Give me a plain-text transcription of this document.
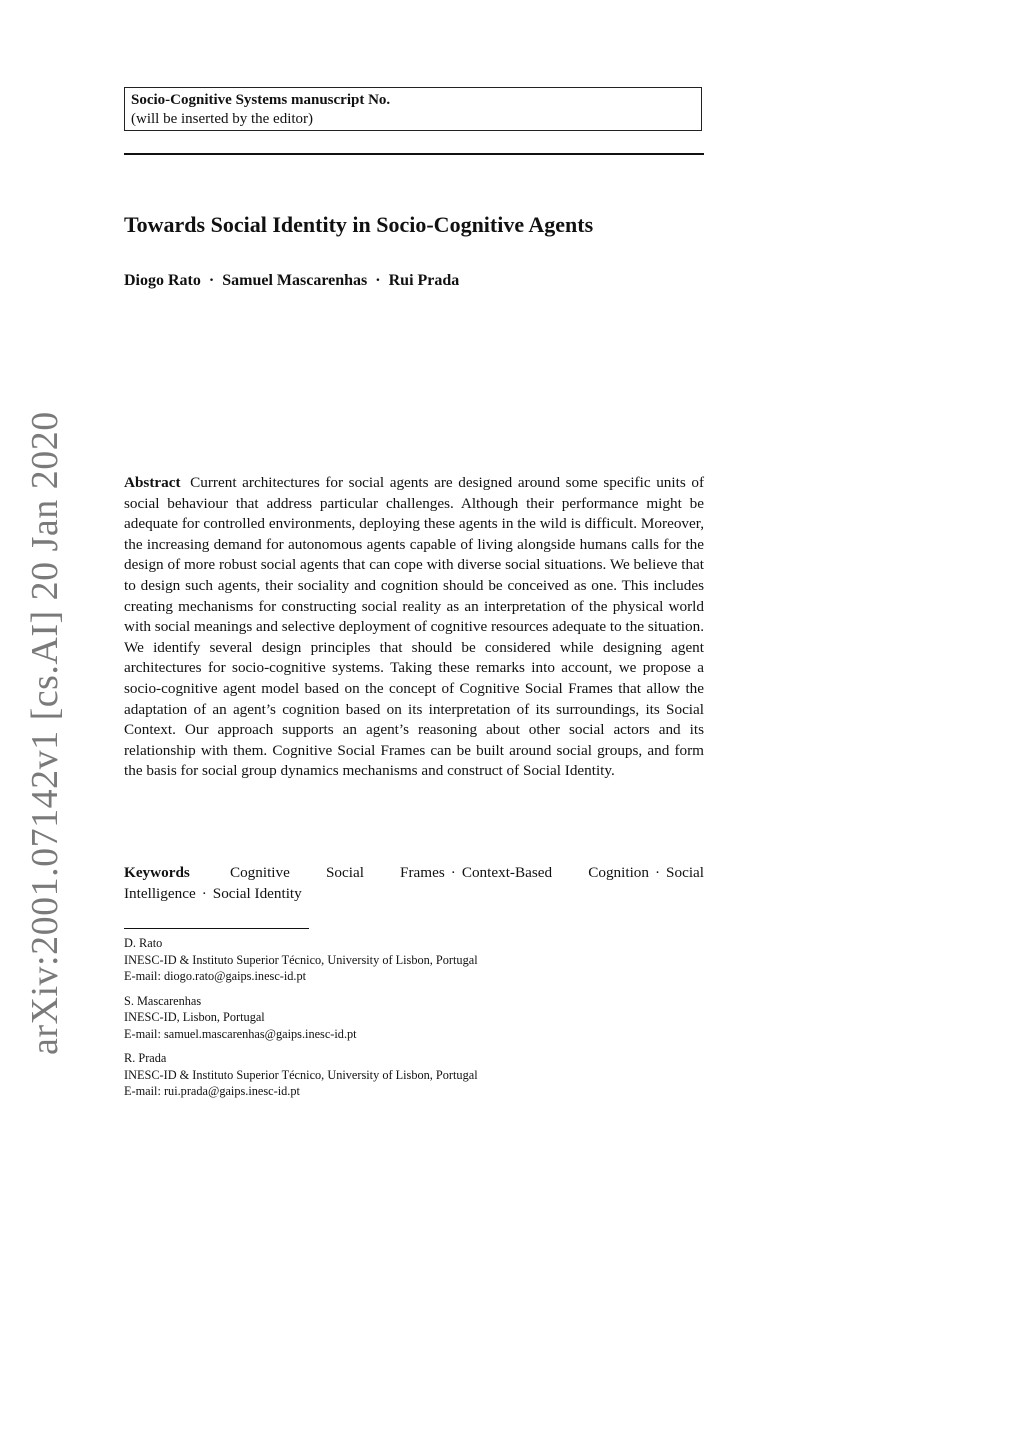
arXiv:2001.07142v1 [cs.AI] 20 Jan 2020
Socio-Cognitive Systems manuscript No.
(will be inserted by the editor)
Towards Social Identity in Socio-Cognitive Agents
Diogo Rato · Samuel Mascarenhas · Rui Prada
Abstract Current architectures for social agents are designed around some specific units of social behaviour that address particular challenges. Although their performance might be adequate for controlled environments, deploying these agents in the wild is difficult. Moreover, the increasing demand for autonomous agents capable of living alongside humans calls for the design of more robust social agents that can cope with diverse social situations. We believe that to design such agents, their sociality and cognition should be conceived as one. This includes creating mechanisms for constructing social reality as an interpretation of the physical world with social meanings and selective deployment of cognitive resources adequate to the situation. We identify several design principles that should be considered while designing agent architectures for socio-cognitive systems. Taking these remarks into account, we propose a socio-cognitive agent model based on the concept of Cognitive Social Frames that allow the adaptation of an agent’s cognition based on its interpretation of its surroundings, its Social Context. Our approach supports an agent’s reasoning about other social actors and its relationship with them. Cognitive Social Frames can be built around social groups, and form the basis for social group dynamics mechanisms and construct of Social Identity.
Keywords	Cognitive Social Frames · Context-Based Cognition · Social Intelligence · Social Identity
D. Rato
INESC-ID & Instituto Superior Técnico, University of Lisbon, Portugal
E-mail: diogo.rato@gaips.inesc-id.pt
S. Mascarenhas
INESC-ID, Lisbon, Portugal
E-mail: samuel.mascarenhas@gaips.inesc-id.pt
R. Prada
INESC-ID & Instituto Superior Técnico, University of Lisbon, Portugal
E-mail: rui.prada@gaips.inesc-id.pt
